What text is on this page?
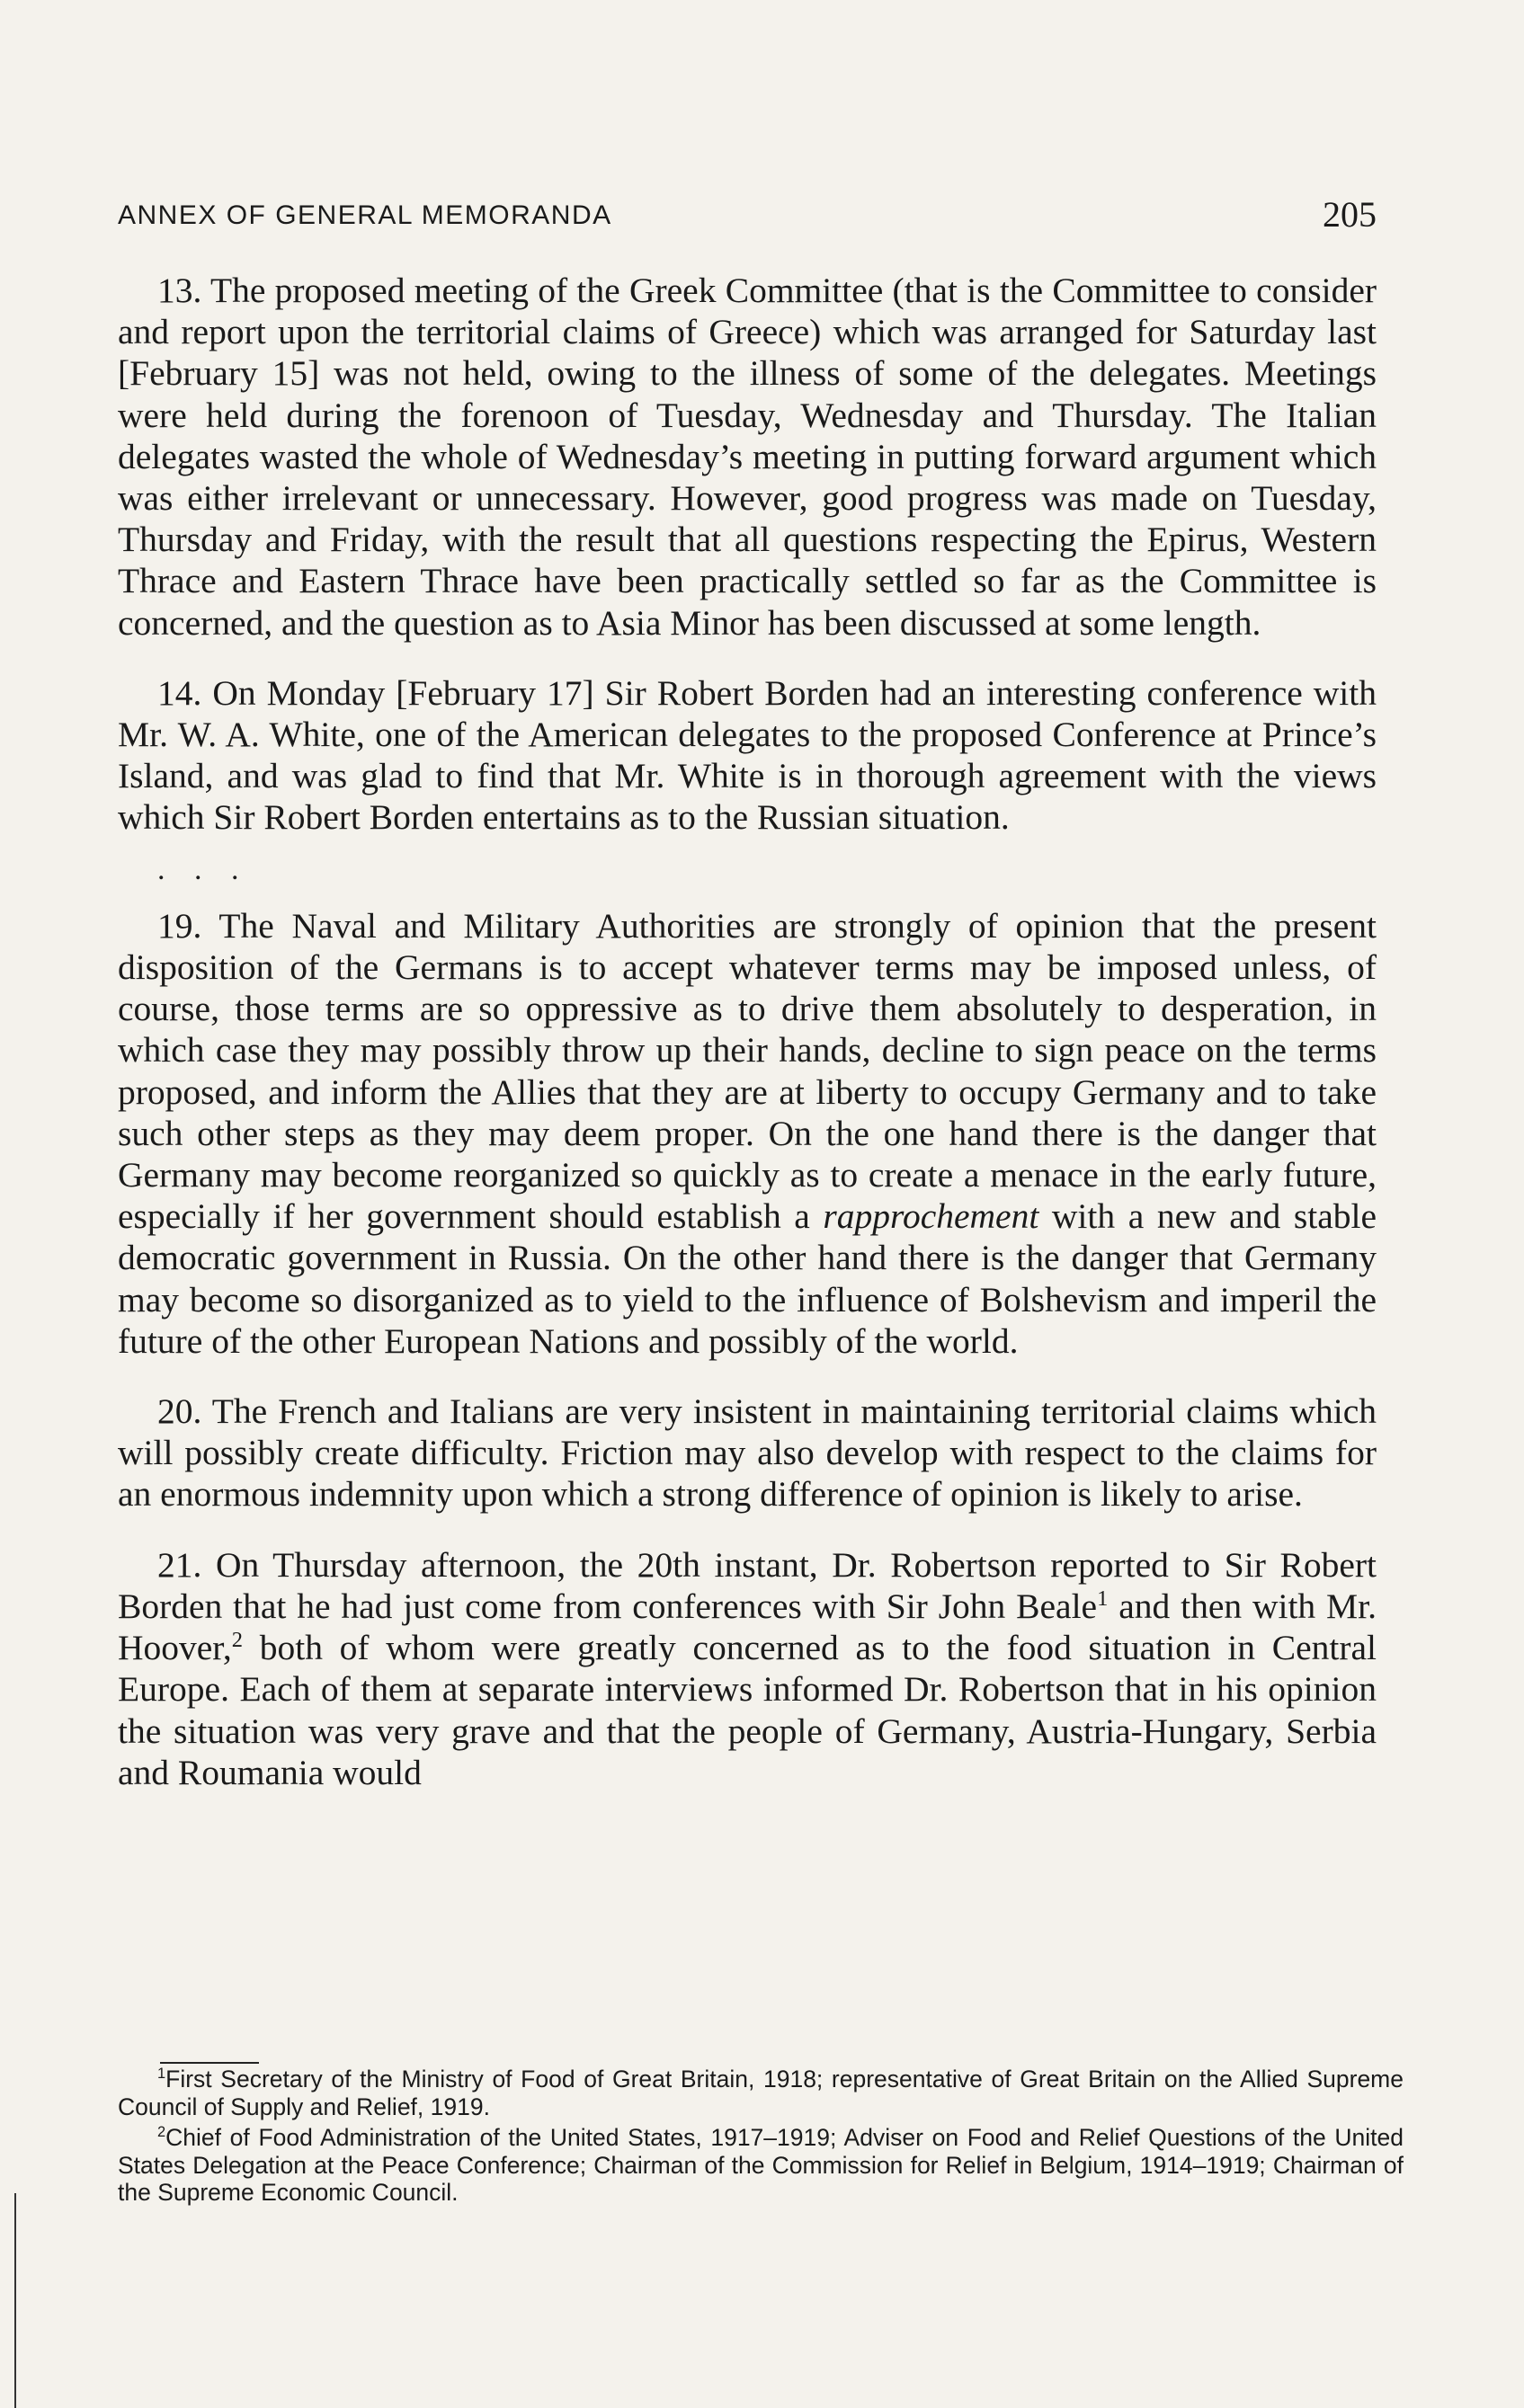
ANNEX OF GENERAL MEMORANDA	205

13. The proposed meeting of the Greek Committee (that is the Committee to consider and report upon the territorial claims of Greece) which was arranged for Saturday last [February 15] was not held, owing to the illness of some of the delegates. Meetings were held during the forenoon of Tuesday, Wednesday and Thursday. The Italian delegates wasted the whole of Wednesday’s meeting in putting forward argument which was either irrelevant or unnecessary. However, good progress was made on Tuesday, Thursday and Friday, with the result that all questions respecting the Epirus, Western Thrace and Eastern Thrace have been practically settled so far as the Committee is concerned, and the question as to Asia Minor has been discussed at some length.

14. On Monday [February 17] Sir Robert Borden had an interesting conference with Mr. W. A. White, one of the American delegates to the proposed Conference at Prince’s Island, and was glad to find that Mr. White is in thorough agreement with the views which Sir Robert Borden entertains as to the Russian situation.

. . .

19. The Naval and Military Authorities are strongly of opinion that the present disposition of the Germans is to accept whatever terms may be imposed unless, of course, those terms are so oppressive as to drive them absolutely to desperation, in which case they may possibly throw up their hands, decline to sign peace on the terms proposed, and inform the Allies that they are at liberty to occupy Germany and to take such other steps as they may deem proper. On the one hand there is the danger that Germany may become reorganized so quickly as to create a menace in the early future, especially if her government should establish a rapprochement with a new and stable democratic government in Russia. On the other hand there is the danger that Germany may become so disorganized as to yield to the influence of Bolshevism and imperil the future of the other European Nations and possibly of the world.

20. The French and Italians are very insistent in maintaining territorial claims which will possibly create difficulty. Friction may also develop with respect to the claims for an enormous indemnity upon which a strong difference of opinion is likely to arise.

21. On Thursday afternoon, the 20th instant, Dr. Robertson reported to Sir Robert Borden that he had just come from conferences with Sir John Beale$^1$ and then with Mr. Hoover,$^2$ both of whom were greatly concerned as to the food situation in Central Europe. Each of them at separate interviews informed Dr. Robertson that in his opinion the situation was very grave and that the people of Germany, Austria-Hungary, Serbia and Roumania would

$^1$First Secretary of the Ministry of Food of Great Britain, 1918; representative of Great Britain on the Allied Supreme Council of Supply and Relief, 1919.

$^2$Chief of Food Administration of the United States, 1917–1919; Adviser on Food and Relief Questions of the United States Delegation at the Peace Conference; Chairman of the Commission for Relief in Belgium, 1914–1919; Chairman of the Supreme Economic Council.
